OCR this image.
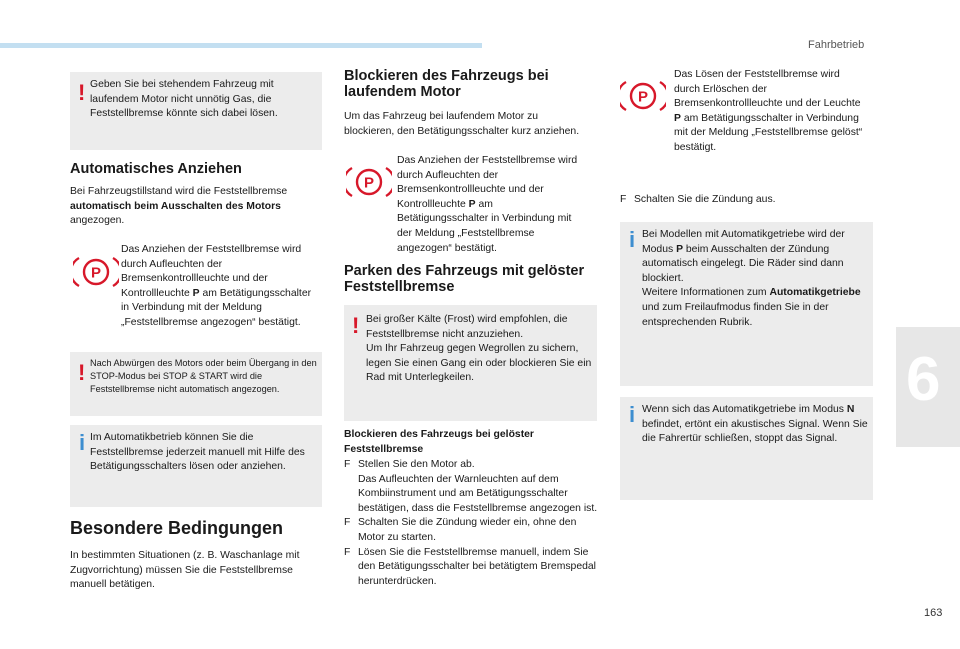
Fahrbetrieb
6
163
! Geben Sie bei stehendem Fahrzeug mit laufendem Motor nicht unnötig Gas, die Feststellbremse könnte sich dabei lösen.

Automatisches Anziehen

Bei Fahrzeugstillstand wird die Feststellbremse automatisch beim Ausschalten des Motors angezogen.

Das Anziehen der Feststellbremse wird durch Aufleuchten der Bremsenkontrollleuchte und der Kontrollleuchte P am Betätigungsschalter in Verbindung mit der Meldung „Feststellbremse angezogen“ bestätigt.

! Nach Abwürgen des Motors oder beim Übergang in den STOP-Modus bei STOP & START wird die Feststellbremse nicht automatisch angezogen.

i Im Automatikbetrieb können Sie die Feststellbremse jederzeit manuell mit Hilfe des Betätigungsschalters lösen oder anziehen.

Besondere Bedingungen

In bestimmten Situationen (z. B. Waschanlage mit Zugvorrichtung) müssen Sie die Feststellbremse manuell betätigen.

Blockieren des Fahrzeugs bei laufendem Motor

Um das Fahrzeug bei laufendem Motor zu blockieren, den Betätigungsschalter kurz anziehen.

Das Anziehen der Feststellbremse wird durch Aufleuchten der Bremsenkontrollleuchte und der Kontrollleuchte P am Betätigungsschalter in Verbindung mit der Meldung „Feststellbremse angezogen“ bestätigt.

Parken des Fahrzeugs mit gelöster Feststellbremse
! Bei großer Kälte (Frost) wird empfohlen, die Feststellbremse nicht anzuziehen.
Um Ihr Fahrzeug gegen Wegrollen zu sichern, legen Sie einen Gang ein oder blockieren Sie ein Rad mit Unterlegkeilen.

Blockieren des Fahrzeugs bei gelöster Feststellbremse

F Stellen Sie den Motor ab.
Das Aufleuchten der Warnleuchten auf dem Kombiinstrument und am Betätigungsschalter bestätigen, dass die Feststellbremse angezogen ist.

F Schalten Sie die Zündung wieder ein, ohne den Motor zu starten.

F Lösen Sie die Feststellbremse manuell, indem Sie den Betätigungsschalter bei betätigtem Bremspedal herunterdrücken.

Das Lösen der Feststellbremse wird durch Erlöschen der Bremsenkontrollleuchte und der Leuchte P am Betätigungsschalter in Verbindung mit der Meldung „Feststellbremse gelöst“ bestätigt.

F Schalten Sie die Zündung aus.

i Bei Modellen mit Automatikgetriebe wird der Modus P beim Ausschalten der Zündung automatisch eingelegt. Die Räder sind dann blockiert.
Weitere Informationen zum Automatikgetriebe und zum Freilaufmodus finden Sie in der entsprechenden Rubrik.

i Wenn sich das Automatikgetriebe im Modus N befindet, ertönt ein akustisches Signal. Wenn Sie die Fahrertür schließen, stoppt das Signal.
